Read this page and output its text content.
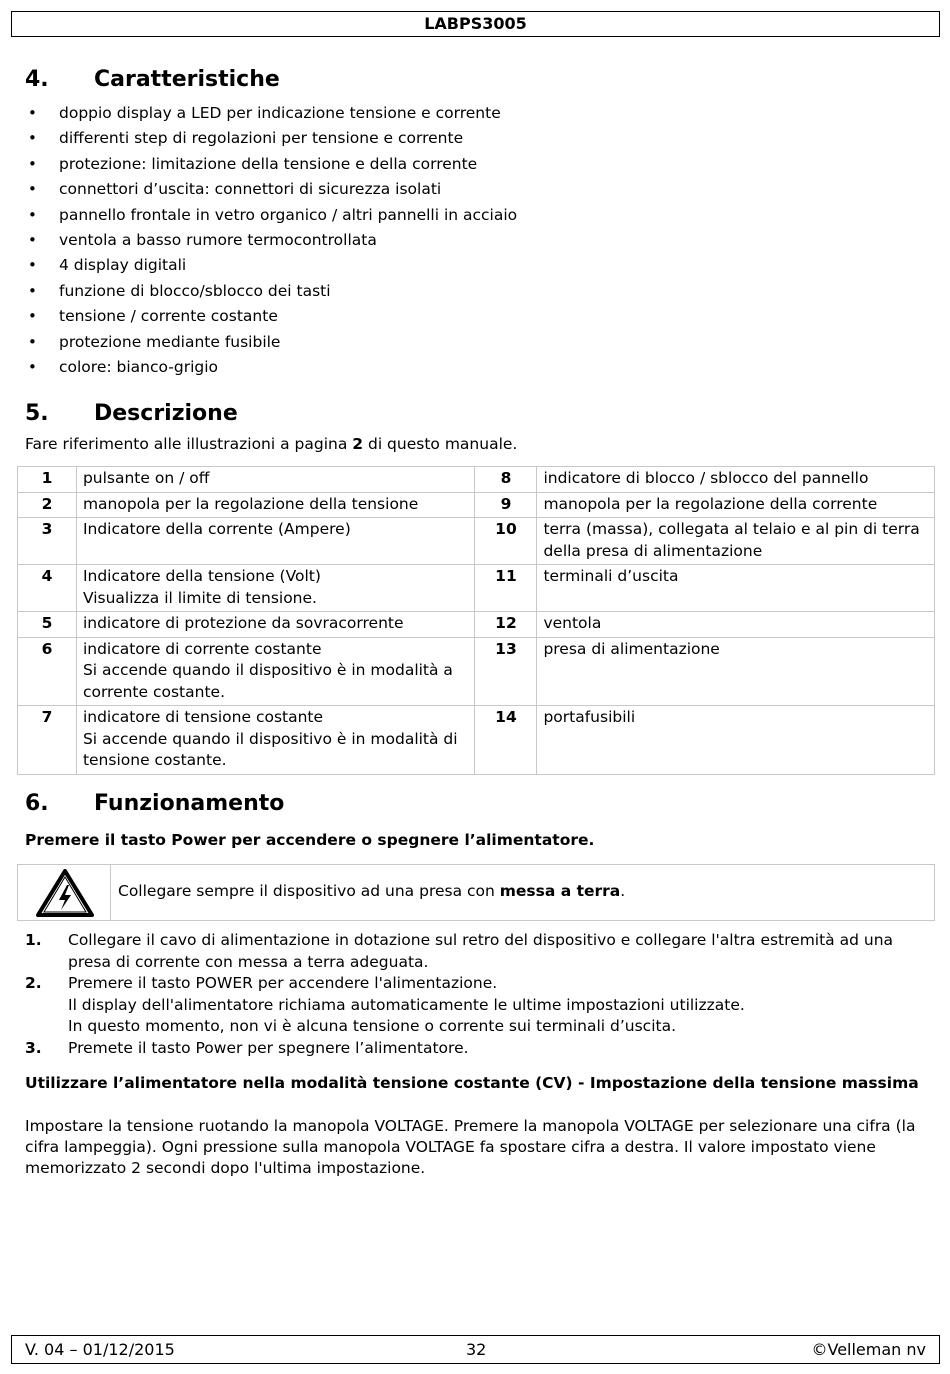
LABPS3005
4. Caratteristiche
• doppio display a LED per indicazione tensione e corrente
• differenti step di regolazioni per tensione e corrente
• protezione: limitazione della tensione e della corrente
• connettori d’uscita: connettori di sicurezza isolati
• pannello frontale in vetro organico / altri pannelli in acciaio
• ventola a basso rumore termocontrollata
• 4 display digitali
• funzione di blocco/sblocco dei tasti
• tensione / corrente costante
• protezione mediante fusibile
• colore: bianco-grigio
5. Descrizione
Fare riferimento alle illustrazioni a pagina 2 di questo manuale.
1	pulsante on / off	8	indicatore di blocco / sblocco del pannello

2	manopola per la regolazione della tensione	9	manopola per la regolazione della corrente

3	Indicatore della corrente (Ampere)	10	terra (massa), collegata al telaio e al pin di terra della presa di alimentazione

4	Indicatore della tensione (Volt)
Visualizza il limite di tensione.	11	terminali d’uscita

5	indicatore di protezione da sovracorrente	12	ventola

6	indicatore di corrente costante
Si accende quando il dispositivo è in modalità a corrente costante.	13	presa di alimentazione

7	indicatore di tensione costante
Si accende quando il dispositivo è in modalità di tensione costante.	14	portafusibili
6. Funzionamento
Premere il tasto Power per accendere o spegnere l’alimentatore.
Collegare sempre il dispositivo ad una presa con messa a terra.
1. Collegare il cavo di alimentazione in dotazione sul retro del dispositivo e collegare l'altra estremità ad una presa di corrente con messa a terra adeguata.
2. Premere il tasto POWER per accendere l'alimentazione.
Il display dell'alimentatore richiama automaticamente le ultime impostazioni utilizzate.
In questo momento, non vi è alcuna tensione o corrente sui terminali d’uscita.
3. Premete il tasto Power per spegnere l’alimentatore.
Utilizzare l’alimentatore nella modalità tensione costante (CV) - Impostazione della tensione massima
Impostare la tensione ruotando la manopola VOLTAGE. Premere la manopola VOLTAGE per selezionare una cifra (la cifra lampeggia). Ogni pressione sulla manopola VOLTAGE fa spostare cifra a destra. Il valore impostato viene memorizzato 2 secondi dopo l'ultima impostazione.
V. 04 – 01/12/2015	32	©Velleman nv
